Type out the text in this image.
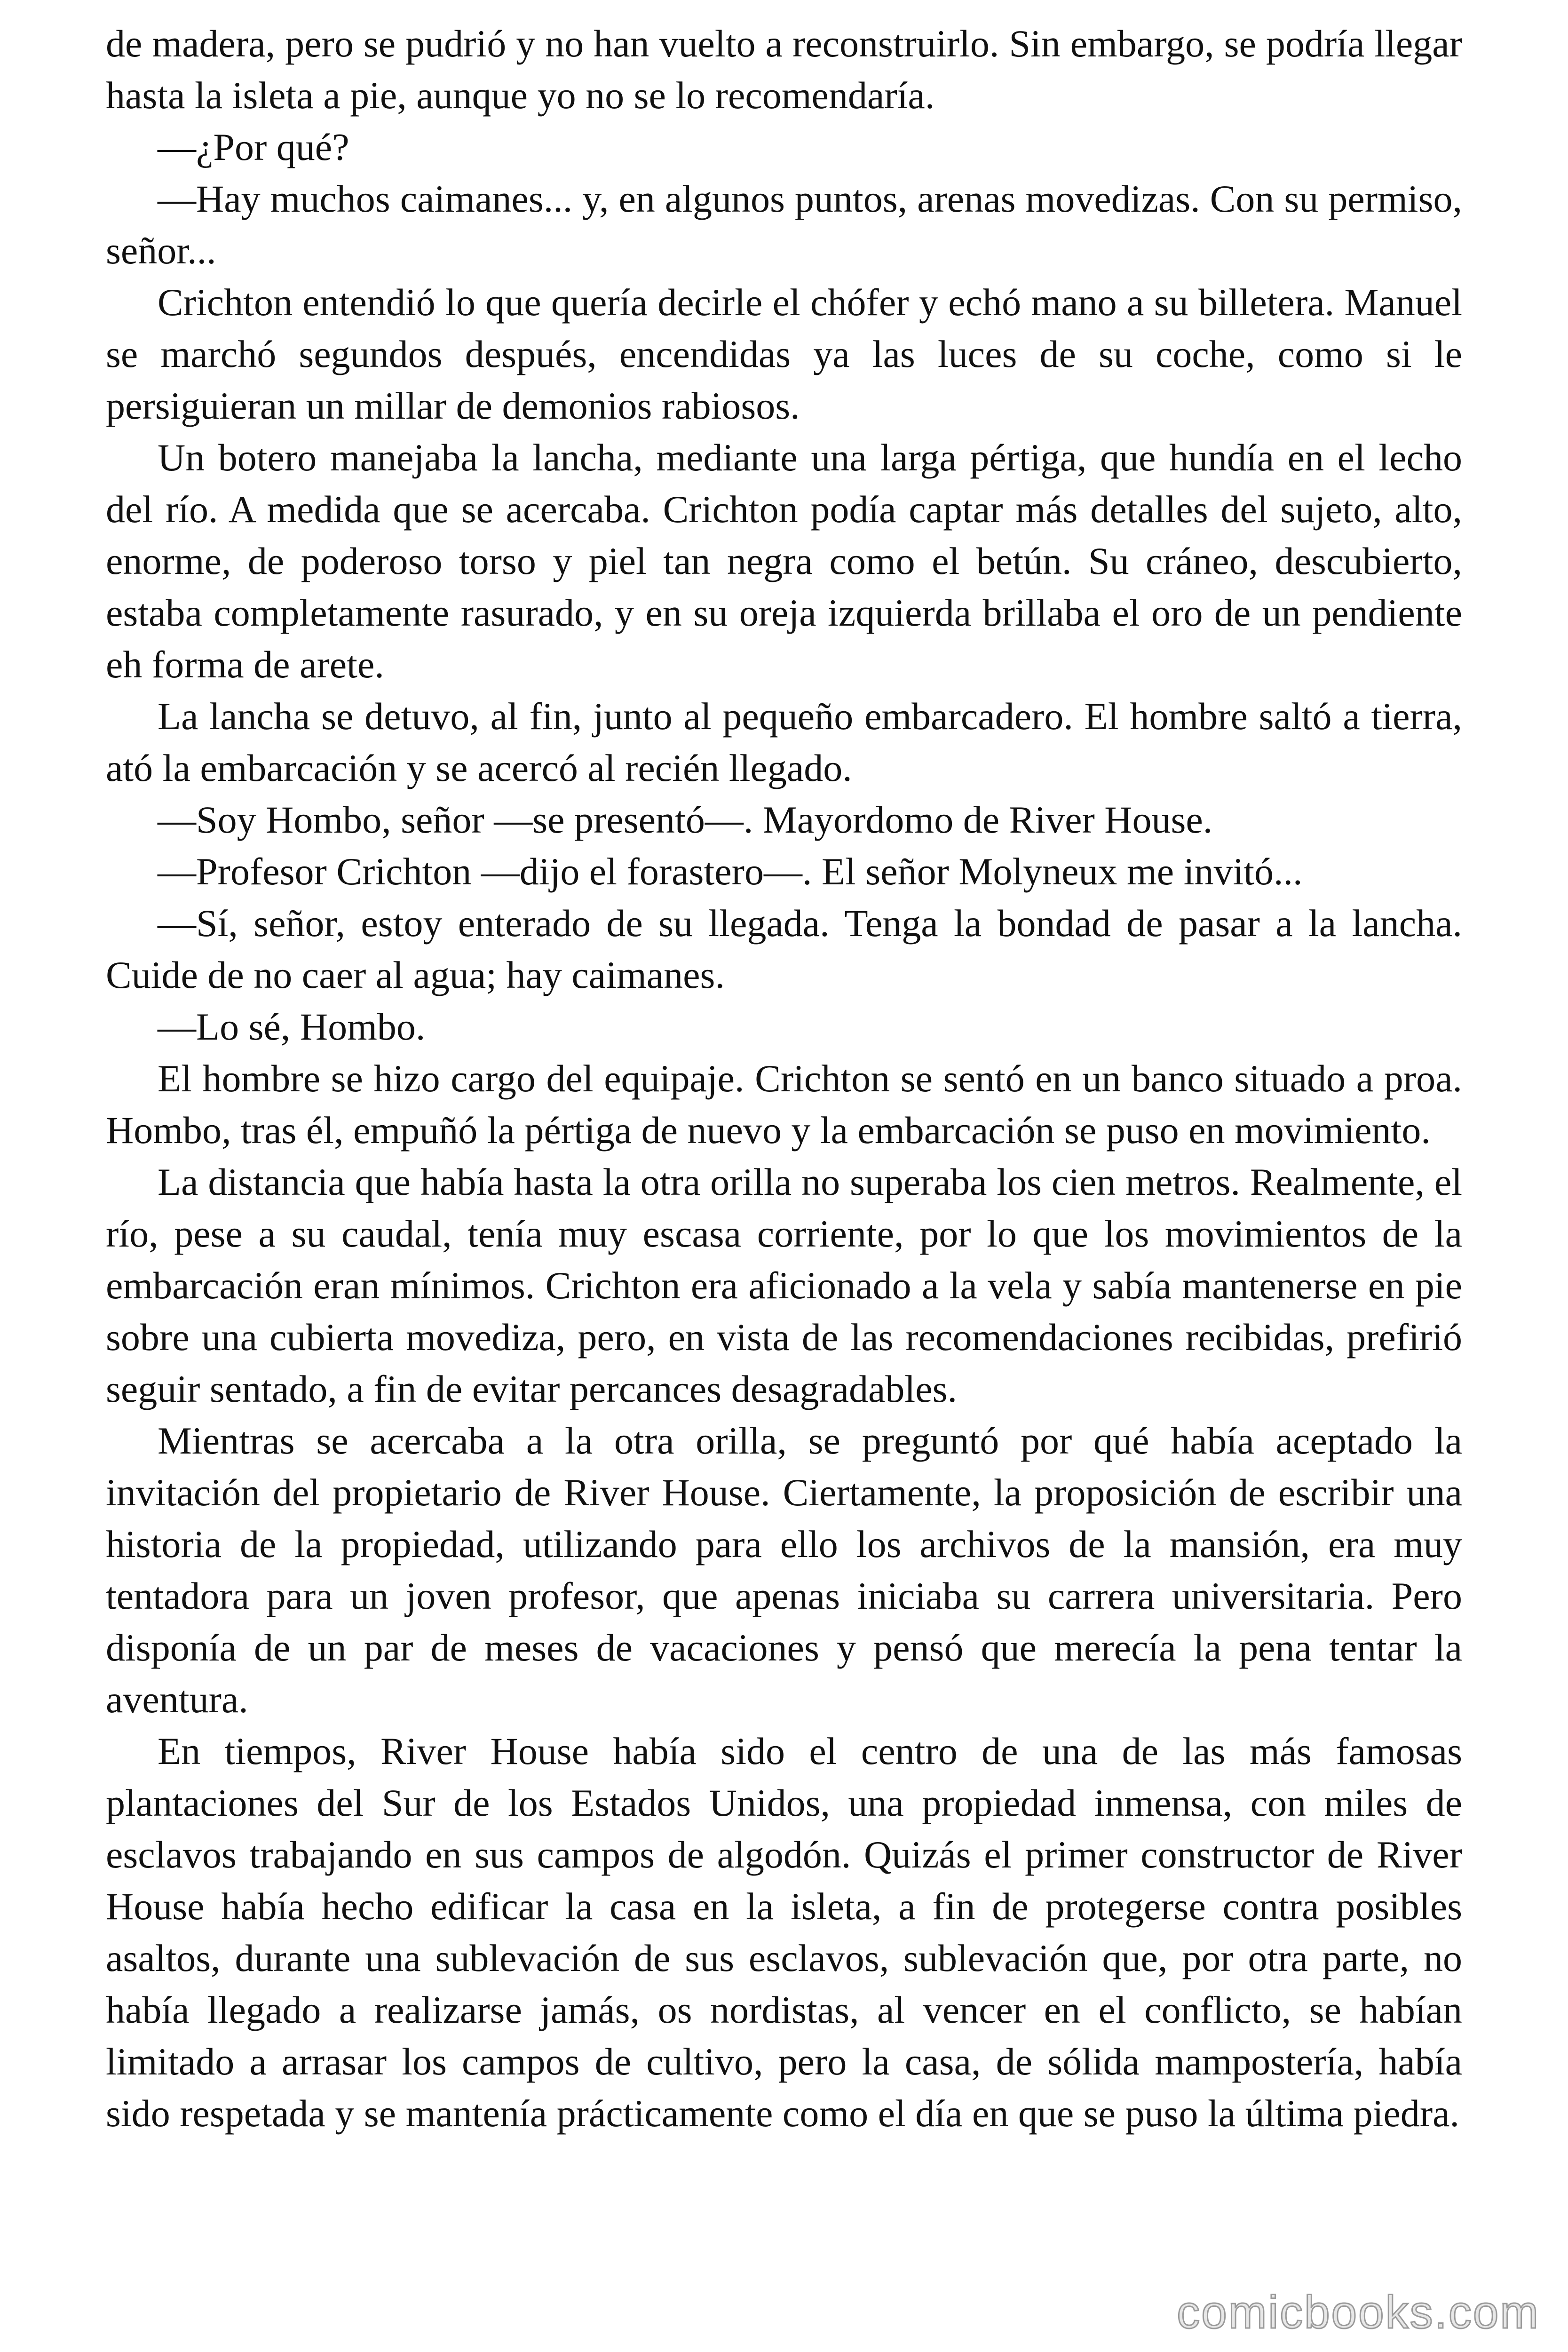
de madera, pero se pudrió y no han vuelto a reconstruirlo. Sin embargo, se podría llegar hasta la isleta a pie, aunque yo no se lo recomendaría.

—¿Por qué?

—Hay muchos caimanes... y, en algunos puntos, arenas movedizas. Con su permiso, señor...

Crichton entendió lo que quería decirle el chófer y echó mano a su billetera. Manuel se marchó segundos después, encendidas ya las luces de su coche, como si le persiguieran un millar de demonios rabiosos.

Un botero manejaba la lancha, mediante una larga pértiga, que hundía en el lecho del río. A medida que se acercaba. Crichton podía captar más detalles del sujeto, alto, enorme, de poderoso torso y piel tan negra como el betún. Su cráneo, descubierto, estaba completamente rasurado, y en su oreja izquierda brillaba el oro de un pendiente eh forma de arete.

La lancha se detuvo, al fin, junto al pequeño embarcadero. El hombre saltó a tierra, ató la embarcación y se acercó al recién llegado.

—Soy Hombo, señor —se presentó—. Mayordomo de River House.

—Profesor Crichton —dijo el forastero—. El señor Molyneux me invitó...

—Sí, señor, estoy enterado de su llegada. Tenga la bondad de pasar a la lancha. Cuide de no caer al agua; hay caimanes.

—Lo sé, Hombo.

El hombre se hizo cargo del equipaje. Crichton se sentó en un banco situado a proa. Hombo, tras él, empuñó la pértiga de nuevo y la embarcación se puso en movimiento.

La distancia que había hasta la otra orilla no superaba los cien metros. Realmente, el río, pese a su caudal, tenía muy escasa corriente, por lo que los movimientos de la embarcación eran mínimos. Crichton era aficionado a la vela y sabía mantenerse en pie sobre una cubierta movediza, pero, en vista de las recomendaciones recibidas, prefirió seguir sentado, a fin de evitar percances desagradables.

Mientras se acercaba a la otra orilla, se preguntó por qué había aceptado la invitación del propietario de River House. Ciertamente, la proposición de escribir una historia de la propiedad, utilizando para ello los archivos de la mansión, era muy tentadora para un joven profesor, que apenas iniciaba su carrera universitaria. Pero disponía de un par de meses de vacaciones y pensó que merecía la pena tentar la aventura.

En tiempos, River House había sido el centro de una de las más famosas plantaciones del Sur de los Estados Unidos, una propiedad inmensa, con miles de esclavos trabajando en sus campos de algodón. Quizás el primer constructor de River House había hecho edificar la casa en la isleta, a fin de protegerse contra posibles asaltos, durante una sublevación de sus esclavos, sublevación que, por otra parte, no había llegado a realizarse jamás, os nordistas, al vencer en el conflicto, se habían limitado a arrasar los campos de cultivo, pero la casa, de sólida mampostería, había sido respetada y se mantenía prácticamente como el día en que se puso la última piedra.

comicbooks.com
